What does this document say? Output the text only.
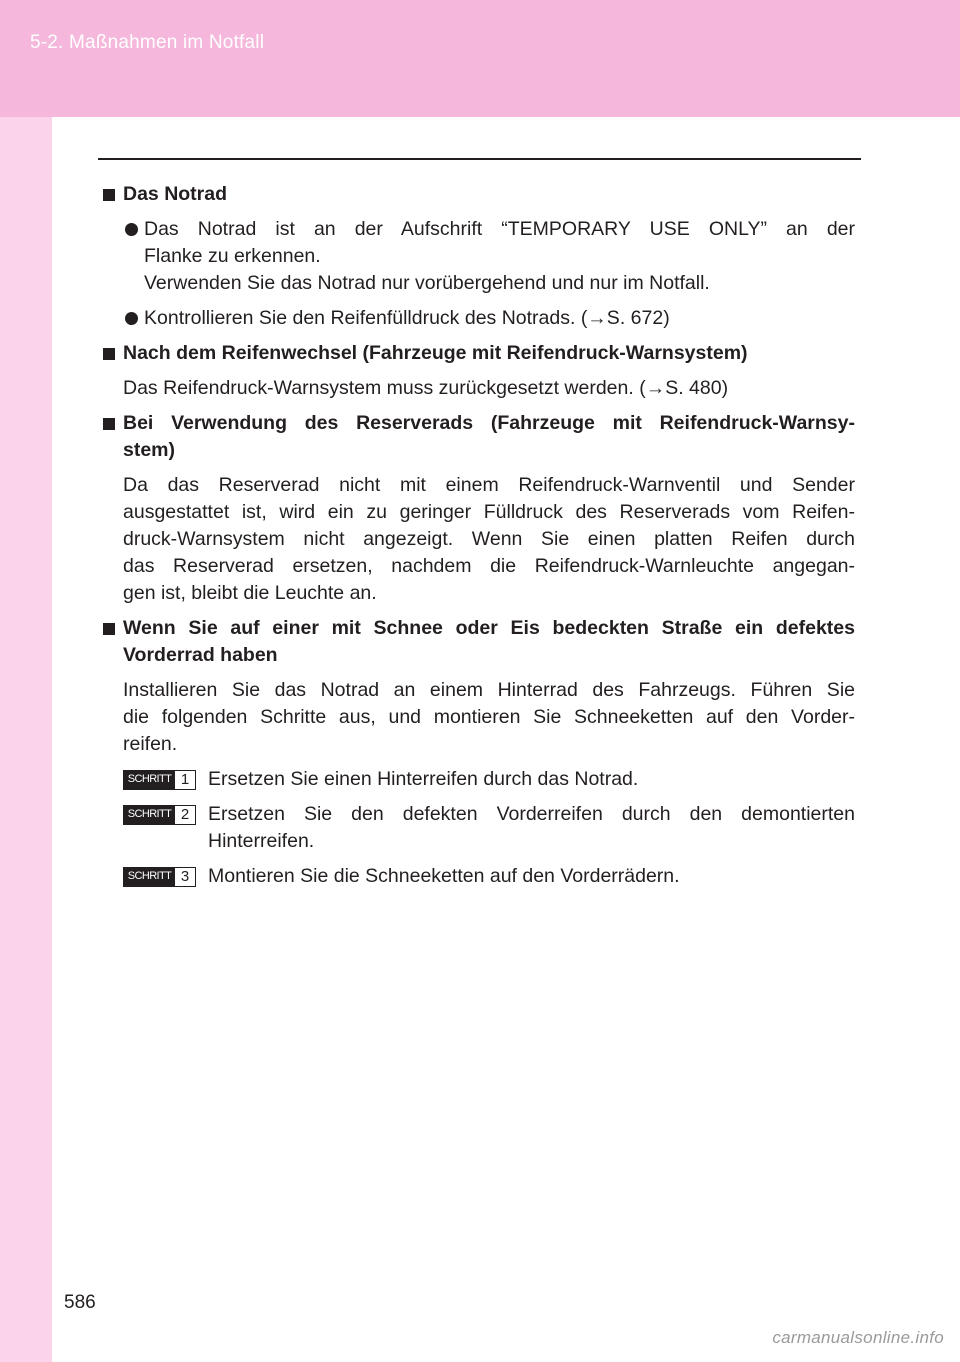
5-2. Maßnahmen im Notfall
Das Notrad
Das Notrad ist an der Aufschrift “TEMPORARY USE ONLY” an der
Flanke zu erkennen.
Verwenden Sie das Notrad nur vorübergehend und nur im Notfall.
Kontrollieren Sie den Reifenfülldruck des Notrads. (→S. 672)
Nach dem Reifenwechsel (Fahrzeuge mit Reifendruck-Warnsystem)
Das Reifendruck-Warnsystem muss zurückgesetzt werden. (→S. 480)
Bei Verwendung des Reserverads (Fahrzeuge mit Reifendruck-Warnsy-
stem)
Da das Reserverad nicht mit einem Reifendruck-Warnventil und Sender
ausgestattet ist, wird ein zu geringer Fülldruck des Reserverads vom Reifen-
druck-Warnsystem nicht angezeigt. Wenn Sie einen platten Reifen durch
das Reserverad ersetzen, nachdem die Reifendruck-Warnleuchte angegan-
gen ist, bleibt die Leuchte an.
Wenn Sie auf einer mit Schnee oder Eis bedeckten Straße ein defektes
Vorderrad haben
Installieren Sie das Notrad an einem Hinterrad des Fahrzeugs. Führen Sie
die folgenden Schritte aus, und montieren Sie Schneeketten auf den Vorder-
reifen.
SCHRITT 1 Ersetzen Sie einen Hinterreifen durch das Notrad.
SCHRITT 2 Ersetzen Sie den defekten Vorderreifen durch den demontierten
Hinterreifen.
SCHRITT 3 Montieren Sie die Schneeketten auf den Vorderrädern.
586
carmanualsonline.info
